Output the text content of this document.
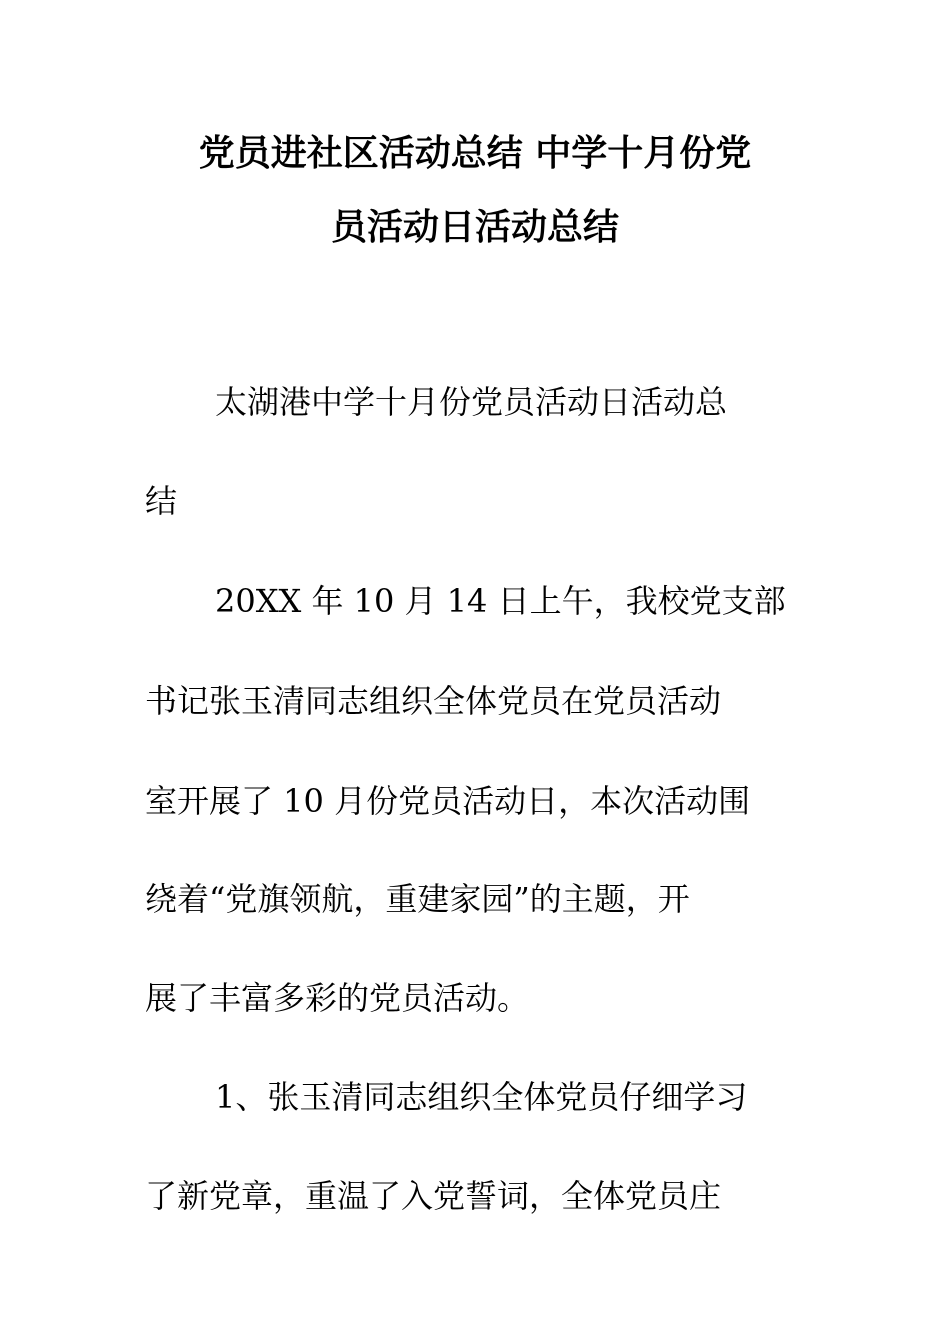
党员进社区活动总结 中学十月份党
员活动日活动总结

太湖港中学十月份党员活动日活动总

结

20XX 年 10 月 14 日上午，我校党支部

书记张玉清同志组织全体党员在党员活动

室开展了 10 月份党员活动日，本次活动围

绕着“党旗领航，重建家园”的主题，开

展了丰富多彩的党员活动。

1、张玉清同志组织全体党员仔细学习

了新党章，重温了入党誓词，全体党员庄
